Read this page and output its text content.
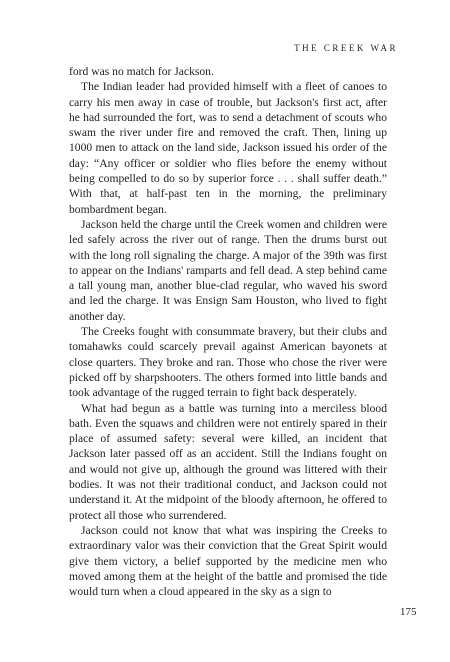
THE CREEK WAR

ford was no match for Jackson.

The Indian leader had provided himself with a fleet of canoes to carry his men away in case of trouble, but Jackson's first act, after he had surrounded the fort, was to send a detachment of scouts who swam the river under fire and removed the craft. Then, lining up 1000 men to attack on the land side, Jackson issued his order of the day: “Any officer or soldier who flies before the enemy without being compelled to do so by superior force . . . shall suffer death.” With that, at half-past ten in the morning, the preliminary bombardment began.

Jackson held the charge until the Creek women and children were led safely across the river out of range. Then the drums burst out with the long roll signaling the charge. A major of the 39th was first to appear on the Indians' ramparts and fell dead. A step behind came a tall young man, another blue-clad regular, who waved his sword and led the charge. It was Ensign Sam Houston, who lived to fight another day.

The Creeks fought with consummate bravery, but their clubs and tomahawks could scarcely prevail against American bayonets at close quarters. They broke and ran. Those who chose the river were picked off by sharpshooters. The others formed into little bands and took advantage of the rugged terrain to fight back desperately.

What had begun as a battle was turning into a merciless blood bath. Even the squaws and children were not entirely spared in their place of assumed safety: several were killed, an incident that Jackson later passed off as an accident. Still the Indians fought on and would not give up, although the ground was littered with their bodies. It was not their traditional conduct, and Jackson could not understand it. At the midpoint of the bloody afternoon, he offered to protect all those who surrendered.

Jackson could not know that what was inspiring the Creeks to extraordinary valor was their conviction that the Great Spirit would give them victory, a belief supported by the medicine men who moved among them at the height of the battle and promised the tide would turn when a cloud appeared in the sky as a sign to

175
